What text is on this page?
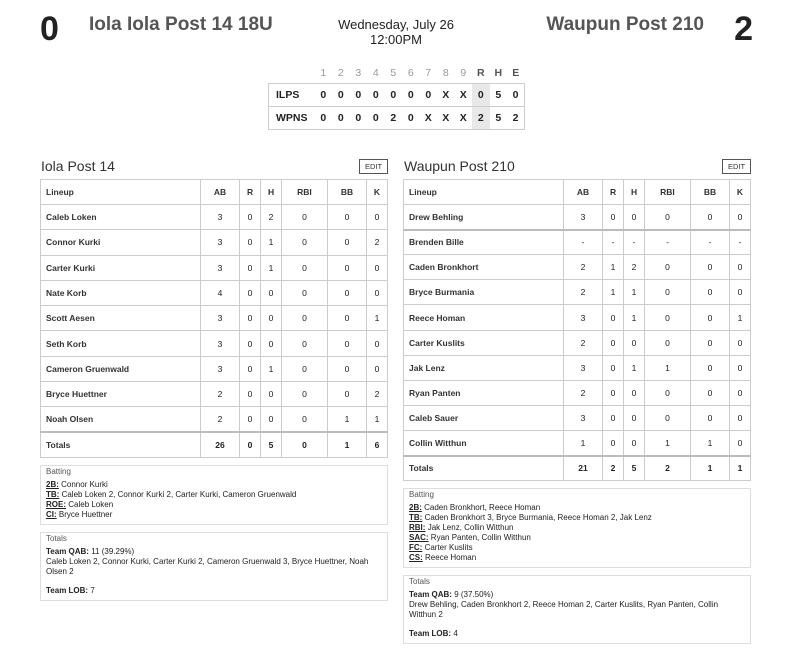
0 Iola Iola Post 14 18U	Wednesday, July 26
12:00PM
Waupun Post 210 2
	1	2	3	4	5	6	7	8	9	R	H	E
ILPS	0	0	0	0	0	0	0	X	X	0	5	0
WPNS	0	0	0	0	2	0	X	X	X	2	5	2
Iola Post 14	EDIT
Lineup	AB	R	H	RBI	BB	K
Caleb Loken	3	0	2	0	0	0
Connor Kurki	3	0	1	0	0	2
Carter Kurki	3	0	1	0	0	0
Nate Korb	4	0	0	0	0	0
Scott Aesen	3	0	0	0	0	1
Seth Korb	3	0	0	0	0	0
Cameron Gruenwald	3	0	1	0	0	0
Bryce Huettner	2	0	0	0	0	2
Noah Olsen	2	0	0	0	1	1
Totals	26	0	5	0	1	6
Batting
2B: Connor Kurki
TB: Caleb Loken 2, Connor Kurki 2, Carter Kurki, Cameron Gruenwald
ROE: Caleb Loken
CI: Bryce Huettner
Totals
Team QAB: 11 (39.29%)
Caleb Loken 2, Connor Kurki, Carter Kurki 2, Cameron Gruenwald 3, Bryce Huettner, Noah Olsen 2
Team LOB: 7
Waupun Post 210	EDIT
Lineup	AB	R	H	RBI	BB	K
Drew Behling	3	0	0	0	0	0
Brenden Bille	-	-	-	-	-	-
Caden Bronkhort	2	1	2	0	0	0
Bryce Burmania	2	1	1	0	0	0
Reece Homan	3	0	1	0	0	1
Carter Kuslits	2	0	0	0	0	0
Jak Lenz	3	0	1	1	0	0
Ryan Panten	2	0	0	0	0	0
Caleb Sauer	3	0	0	0	0	0
Collin Witthun	1	0	0	1	1	0
Totals	21	2	5	2	1	1
Batting
2B: Caden Bronkhort, Reece Homan
TB: Caden Bronkhort 3, Bryce Burmania, Reece Homan 2, Jak Lenz
RBI: Jak Lenz, Collin Witthun
SAC: Ryan Panten, Collin Witthun
FC: Carter Kuslits
CS: Reece Homan
Totals
Team QAB: 9 (37.50%)
Drew Behling, Caden Bronkhort 2, Reece Homan 2, Carter Kuslits, Ryan Panten, Collin Witthun 2
Team LOB: 4
